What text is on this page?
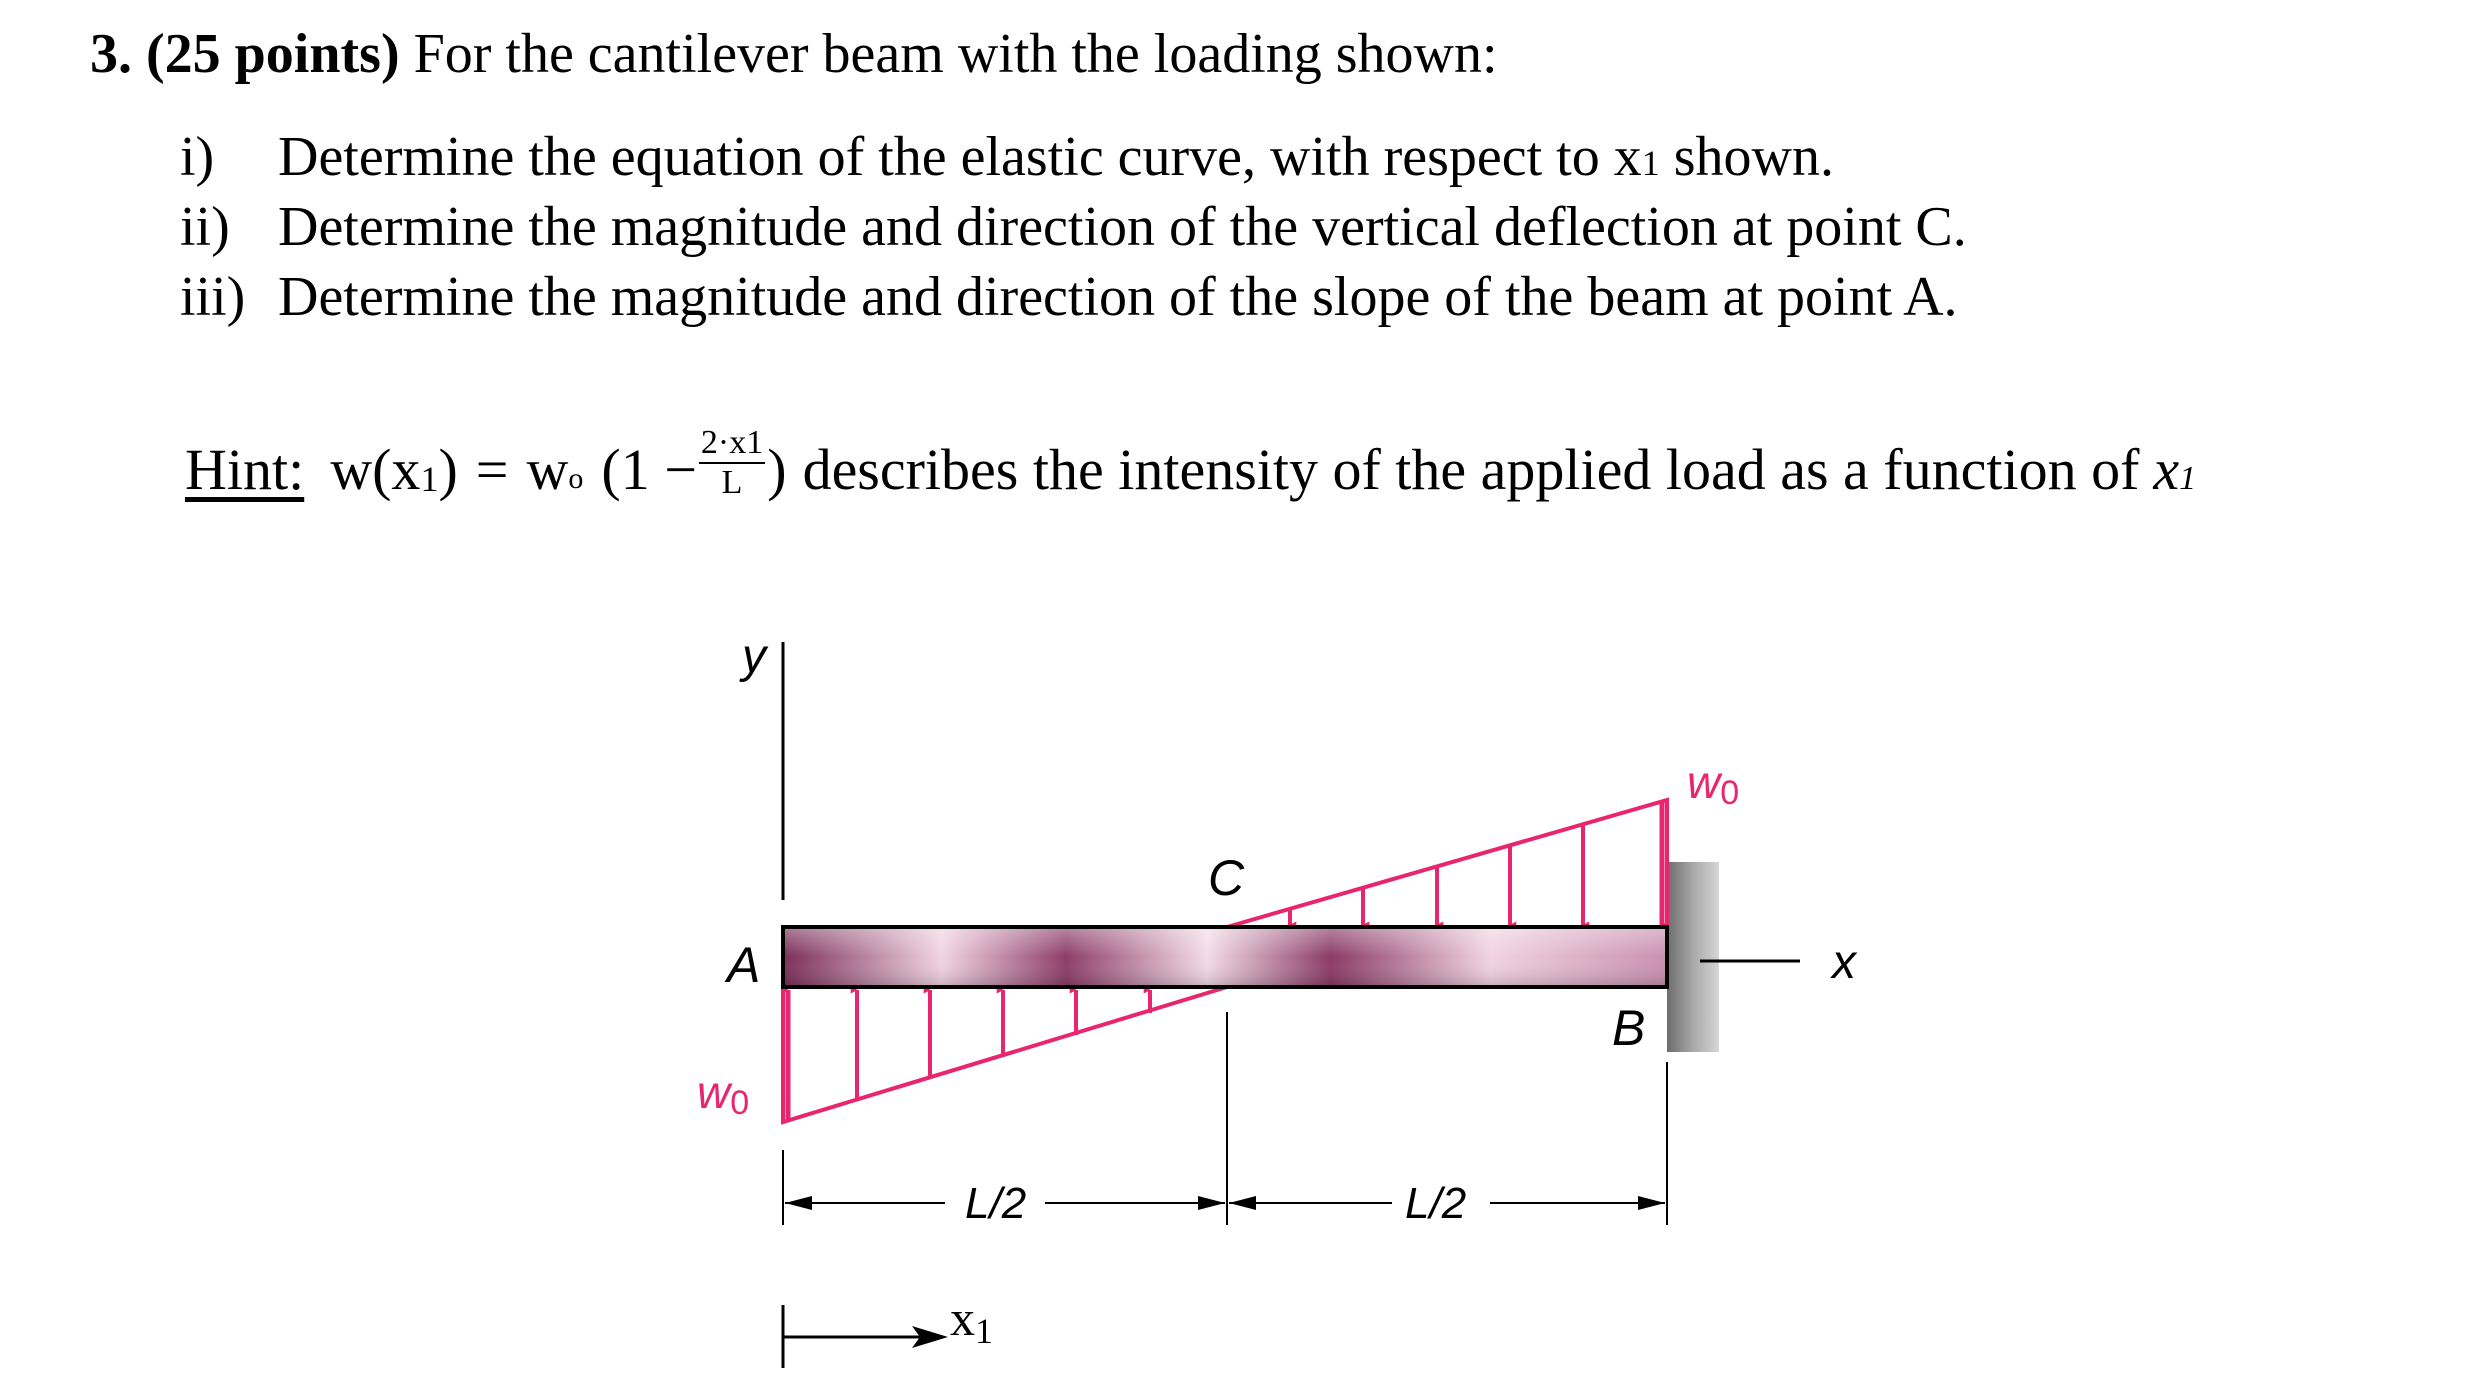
3. (25 points) For the cantilever beam with the loading shown:
i) Determine the equation of the elastic curve, with respect to x1 shown.
ii) Determine the magnitude and direction of the vertical deflection at point C.
iii) Determine the magnitude and direction of the slope of the beam at point A.
Hint: w(x 1 ) = w o ($1 - \frac{2\cdot x1}{L}$ ) describes the intensity of the applied load as a function of x 1
y
x
A
C
B
w0
w0
L/2	L/2
x1
